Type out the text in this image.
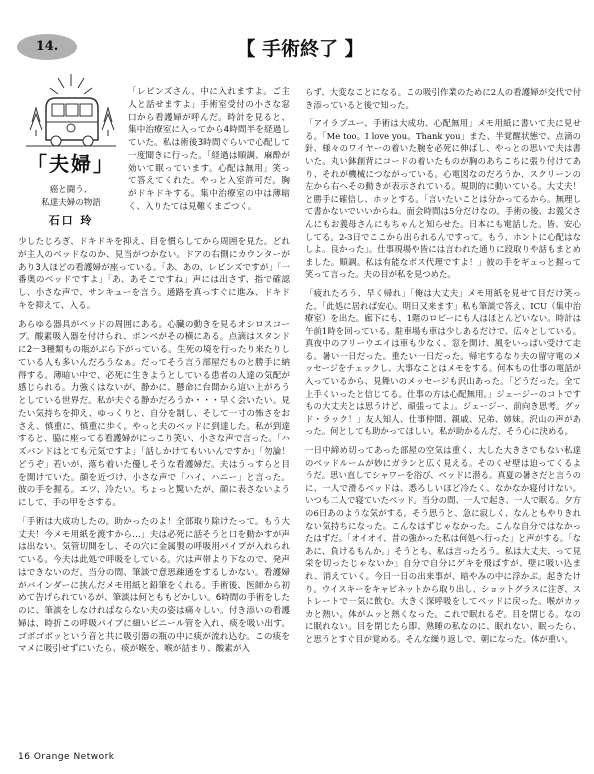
14.	【 手術終了 】
「夫婦」
癌と闘う、
私達夫婦の物語
石口 玲

「レビンズさん、中に入れますよ。ご主人と話せますよ」手術室受付の小さな窓口から看護婦が呼んだ。時計を見ると、集中治療室に入ってから4時間半を経過していた。私は術後3時間ぐらいで心配して一度聞きに行った。「経過は順調、麻酔が効いて眠っています。心配は無用」笑って答えてくれた。やっと入室許可だ。胸がドキドキする。集中治療室の中は薄暗く、入りたては見難くまごつく。

少したじろぎ、ドキドキを抑え、目を慣らしてから周囲を見た。どれが主人のベッドなのか、見当がつかない。ドアの右側にカウンターがあり3人ほどの看護婦が座っている。「あ、あの、レビンズですが」「一番奥のベッドですよ」「あ、あそこですね」声には出さず、指で確認し、小さな声で、サンキューを言う。通路を真っすぐに進み、ドキドキを抑えて、入る。

あらゆる器具がベッドの周囲にある。心臓の動きを見るオシロスコープ。酸素吸入器を付けられ、ポンベがその横にある。点滴はスタンドに2－3種類もの瓶がぶら下がっている。生死の境を行ったり来たりしている人も多いんだろうなぁ。だってそう言う部屋だものと勝手に納得する。薄暗い中で、必死に生きようとしている患者の人達の気配が感じられる。力強くはないが、静かに、懸命に台間から這い上がろうとしている世界だ。私が夫ぐる静かだろうか・・・早く会いたい。見たい気持ちを抑え、ゆっくりと、自分を制し、そして一寸の怖さをおさえ、慎重に、慎重に歩く。やっと夫のベッドに到達した。私が到達すると、脇に座ってる看護婦がにっこり笑い、小さな声で言った。「ハズバンドはとても元気ですよ」「話しかけてもいいんですか」「勿論！どうぞ」若いが、落ち着いた優しそうな看護婦だ。夫はうっすらと目を開けていた。顔を近づけ、小さな声で「ハイ、ハニー」と言った。彼の手を握る。エツ、冷たい。ちょっと驚いたが、顔に表さないようにして、手の甲をさする。

「手術は大成功したの。助かったのよ！全部取り除けたって。もう大丈夫！今メモ用紙を渡すから…」夫は必死に話そうと口を動かすが声は出ない。気管切開をし、その穴に金属製の呼吸用パイプが入れられている。今夫は此処で呼吸をしている。穴は声帯より下なので、発声はできないのだ。当分の間、筆談で意思疎通をするしかない。看護婦がバインダーに挟んだメモ用紙と鉛筆をくれる。手術後、医師から初めて告げられているが、筆談は何とももどかしい。6時間の手術をしたのに、筆談をしなければならない夫の姿は痛々しい。付き添いの看護婦は、時折この呼吸パイプに細いビニール管を入れ、痰を吸い出す。ゴボゴボッという音と共に吸引器の瓶の中に痰が流れ込む。この痰をマメに吸引せずにいたら、痰が喉を、喉が詰まり、酸素が入

らず、大変なことになる。この吸引作業のために2人の看護婦が交代で付き添っていると後で知った。

「アイラブユー、手術は大成功、心配無用」メモ用紙に書いて夫に見せる。「Me too。I love you。Thank you」また、半覚醒状態で、点滴の針、様々のワイヤーの着いた腕を必死に伸ばし、やっとの思いで夫は書いた。丸い鉢創背にコードの着いたものが胸のあちこちに張り付けてあり、それが機械につながっている。心電図なのだろうか、スクリーンの左から右へその動きが表示されている。規則的に動いている。大丈夫！と勝手に確信し、ホッとする。「言いたいことは分かってるから。無理して書かないでいいからね。面会時間は5分だけなの。手術の後、お義父さんにもお義母さんにもちゃんと知らせた。日本にも電話した。皆、安心してる。2-3日でここから出られるんですって。もう、ホントに心配はなしよ。良かった」。仕事現場や皆には言われた通りに段取りや話もまとめました。順調。私は有能なボス代理ですよ！」彼の手をギュっと握って笑って言った。夫の目が私を見つめた。

「疲れたろう、早く帰れ」「俺は大丈夫」メモ用紙を見せて目だけ笑った。「此処に居れば安心。明日又来ます」私も筆談で答え、ICU（集中治療室）を出た。廊下にも、1階のロビーにも人はほとんどいない。時計は午前1時を回っている。駐車場も車は少しあるだけで、広々としている。真夜中のフリーウエイは車も少なく、窓を開け、風をいっぱい受けて走る。暑い一日だった。重たい一日だった。帰宅するなり夫の留守電のメッセージをチェックし、大事なことはメモをする。何本もの仕事の電話が入っているから、見舞いのメッセージも沢山あった。「どうだった。全て上手くいったと信じてる。仕事の方は心配無用。」ジェージーのコトですもの大丈夫とは思うけど、頑張ってよ」。ジェージー、前向き思考。グッド・ラック！」友人知人、仕事仲間、親戚、兄弟、姉妹。沢山の声があった。何としても助かってほしい。私が助かるんだ、そう心に決める。

一日中締め切ってあった部屋の空気は重く、大した大きさでもない私達のベッドルームが妙にガランと広く見える。そのくせ壁は迫ってくるようだ。思い直してシャワーを浴び、ベッドに潜る。真夏の暑さだと言うのに、一人で滑るベッドは、悉ろしいほど冷たく、なかなか寝付けない。いつも二人で寝ていたベッド。当分の間、一人で起き、一人で眠る。夕方の6日あのような気がする。そう思うと、急に寂しく、なんともやりきれない気持ちになった。こんなはずじゃなかった。こんな自分ではなかったはずだ。「オイオイ、昔の強かった私は何処へ行った」と声がする。「なあに、負けるもんか。」そうとも、私は言ったろう。私は大丈夫、って見栄を切ったじゃないか」自分で自分にゲキを飛ばすが、壁に吸い込まれ、消えていく。今日一日の出来事が、暗やみの中に浮かぶ。起きたけり。ウイスキーをキャビネットから取り出し、ショットグラスに注ぎ、ストレートで一気に飲む。大きく深呼吸をしてベッドに戻った。喉がカッカと熱い。体がムッと熱くなった。これで眠れるぞ。目を閉じる。なのに眠れない。目を閉じたら即、熟睡の私なのに、眠れない、眠ったら、と思うとすぐ目が覚める。そんな繰り返しで、朝になった。体が重い。

16 Orange Network
